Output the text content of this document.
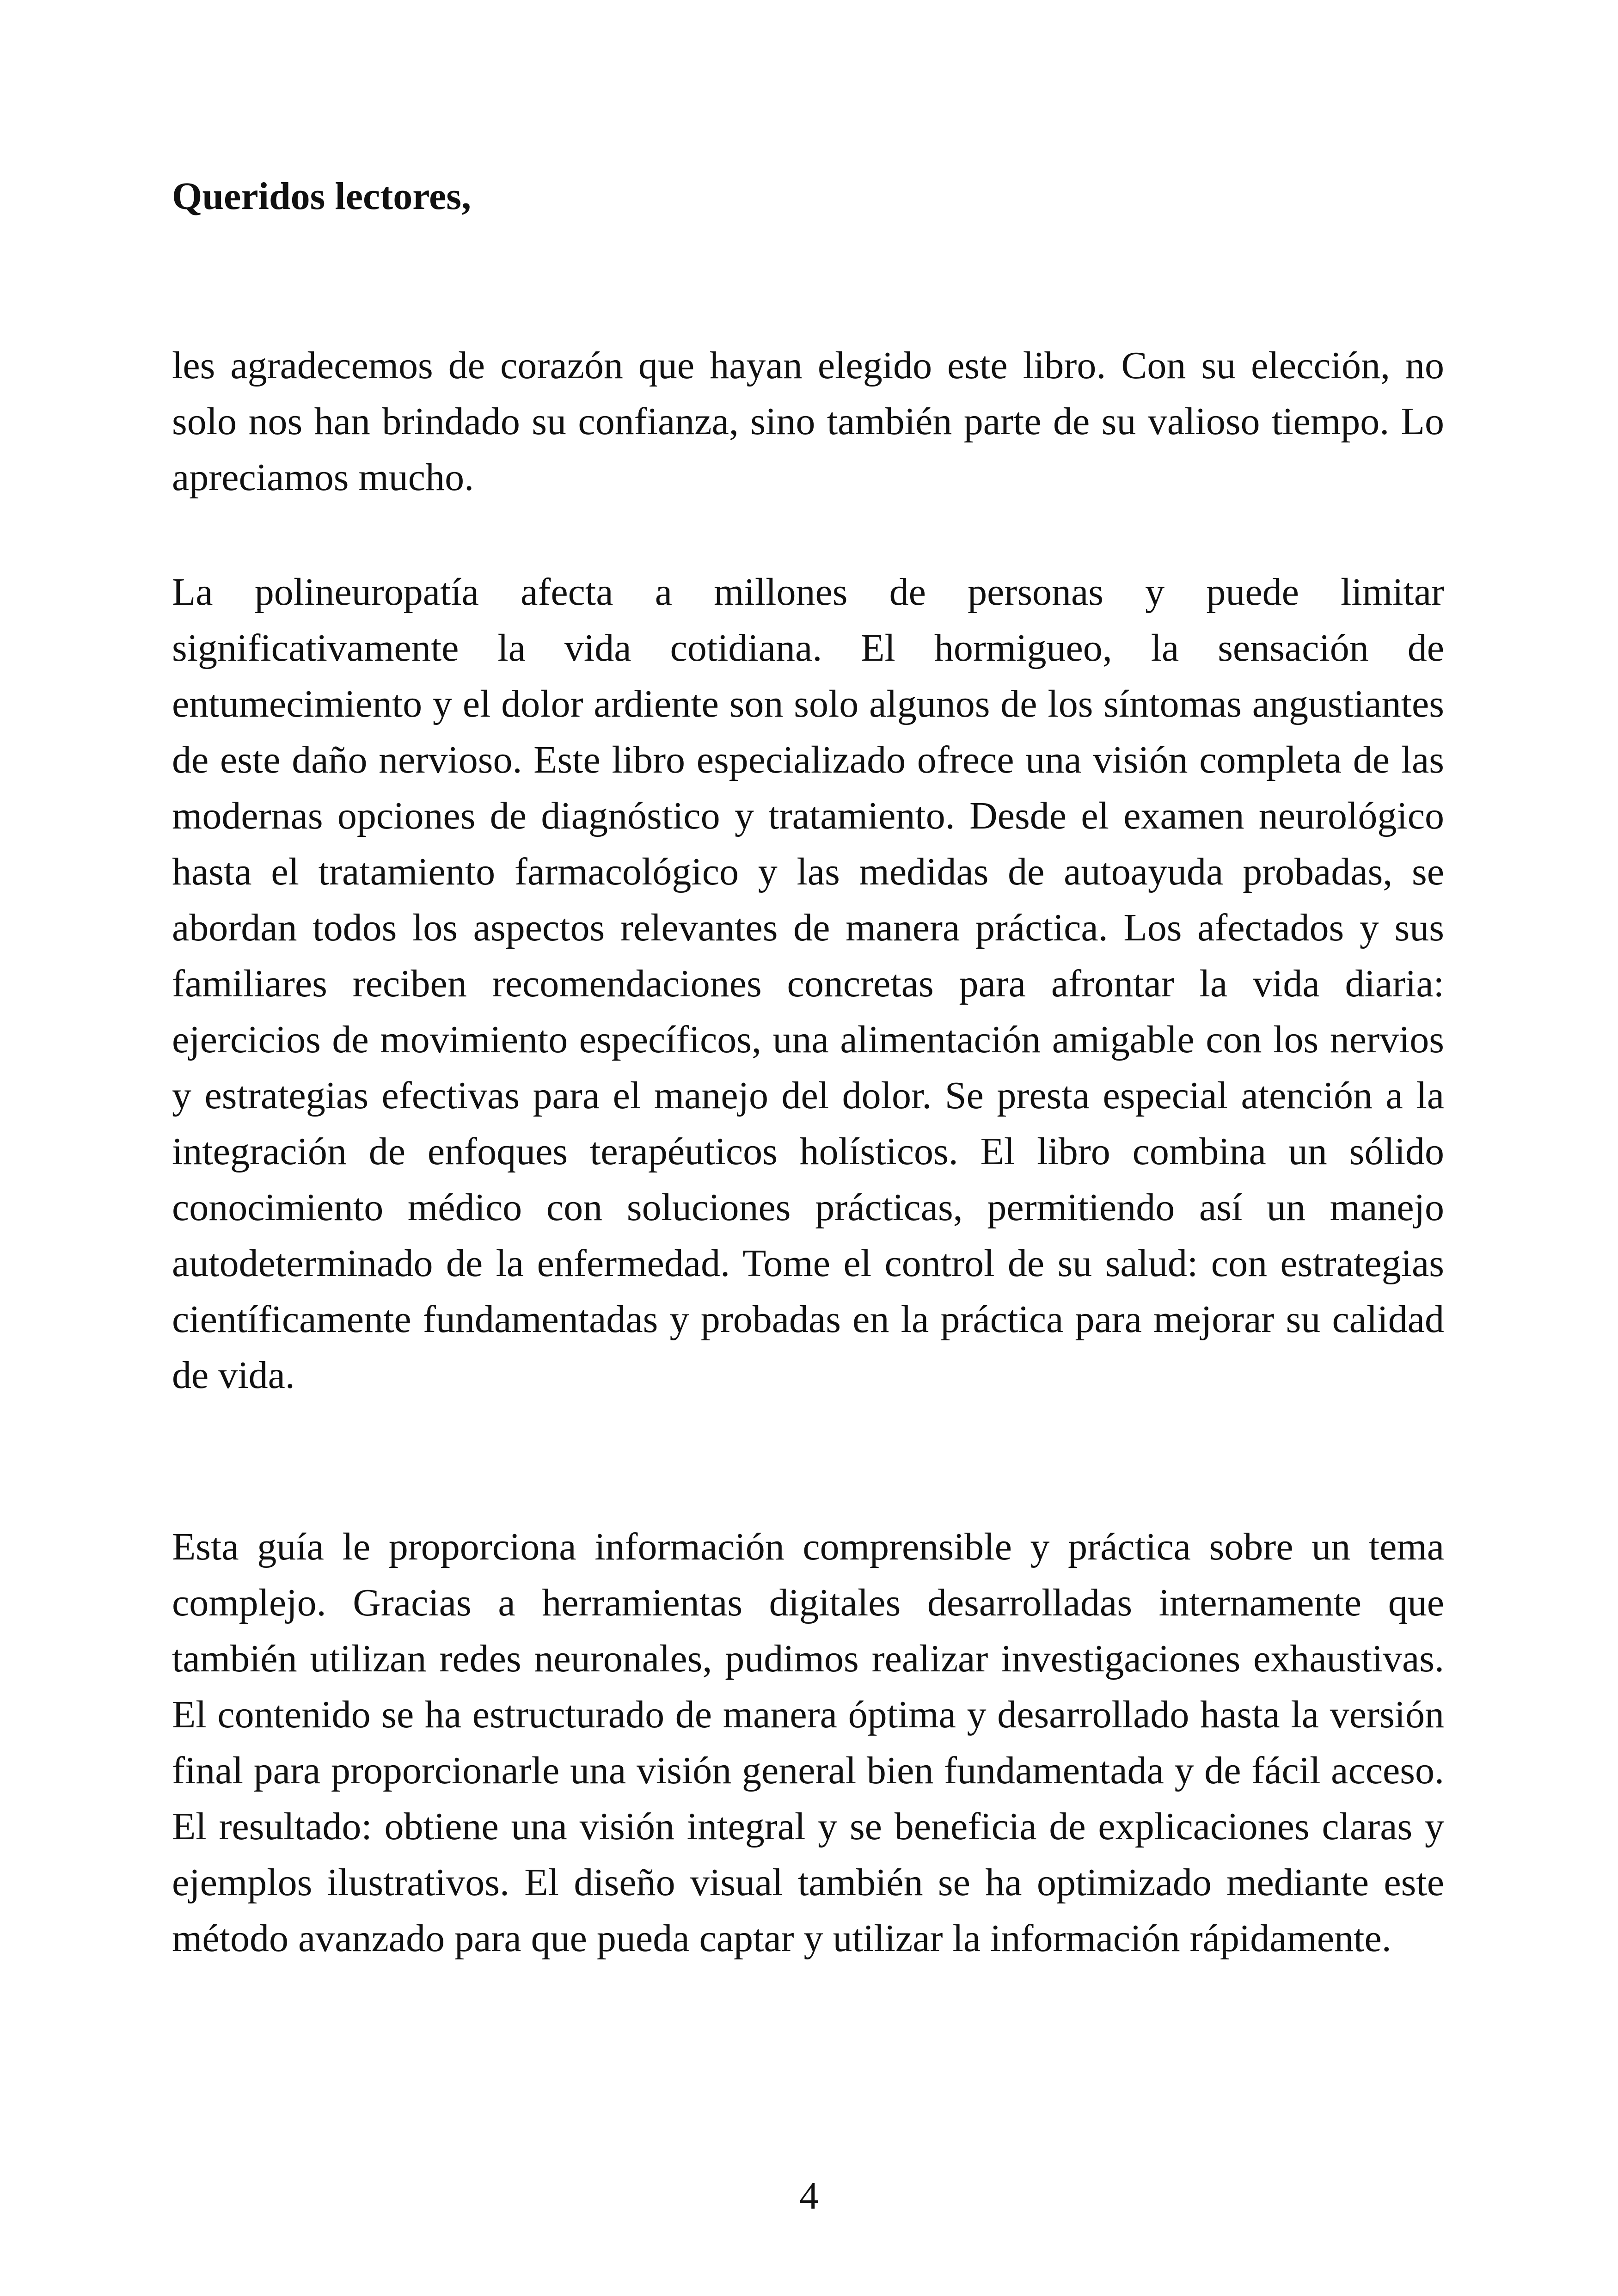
Queridos lectores,

les agradecemos de corazón que hayan elegido este libro. Con su elección, no solo nos han brindado su confianza, sino también parte de su valioso tiempo. Lo apreciamos mucho.

La polineuropatía afecta a millones de personas y puede limitar significativamente la vida cotidiana. El hormigueo, la sensación de entumecimiento y el dolor ardiente son solo algunos de los síntomas angustiantes de este daño nervioso. Este libro especializado ofrece una visión completa de las modernas opciones de diagnóstico y tratamiento. Desde el examen neurológico hasta el tratamiento farmacológico y las medidas de autoayuda probadas, se abordan todos los aspectos relevantes de manera práctica. Los afectados y sus familiares reciben recomendaciones concretas para afrontar la vida diaria: ejercicios de movimiento específicos, una alimentación amigable con los nervios y estrategias efectivas para el manejo del dolor. Se presta especial atención a la integración de enfoques terapéuticos holísticos. El libro combina un sólido conocimiento médico con soluciones prácticas, permitiendo así un manejo autodeterminado de la enfermedad. Tome el control de su salud: con estrategias científicamente fundamentadas y probadas en la práctica para mejorar su calidad de vida.

Esta guía le proporciona información comprensible y práctica sobre un tema complejo. Gracias a herramientas digitales desarrolladas internamente que también utilizan redes neuronales, pudimos realizar investigaciones exhaustivas. El contenido se ha estructurado de manera óptima y desarrollado hasta la versión final para proporcionarle una visión general bien fundamentada y de fácil acceso. El resultado: obtiene una visión integral y se beneficia de explicaciones claras y ejemplos ilustrativos. El diseño visual también se ha optimizado mediante este método avanzado para que pueda captar y utilizar la información rápidamente.

4
